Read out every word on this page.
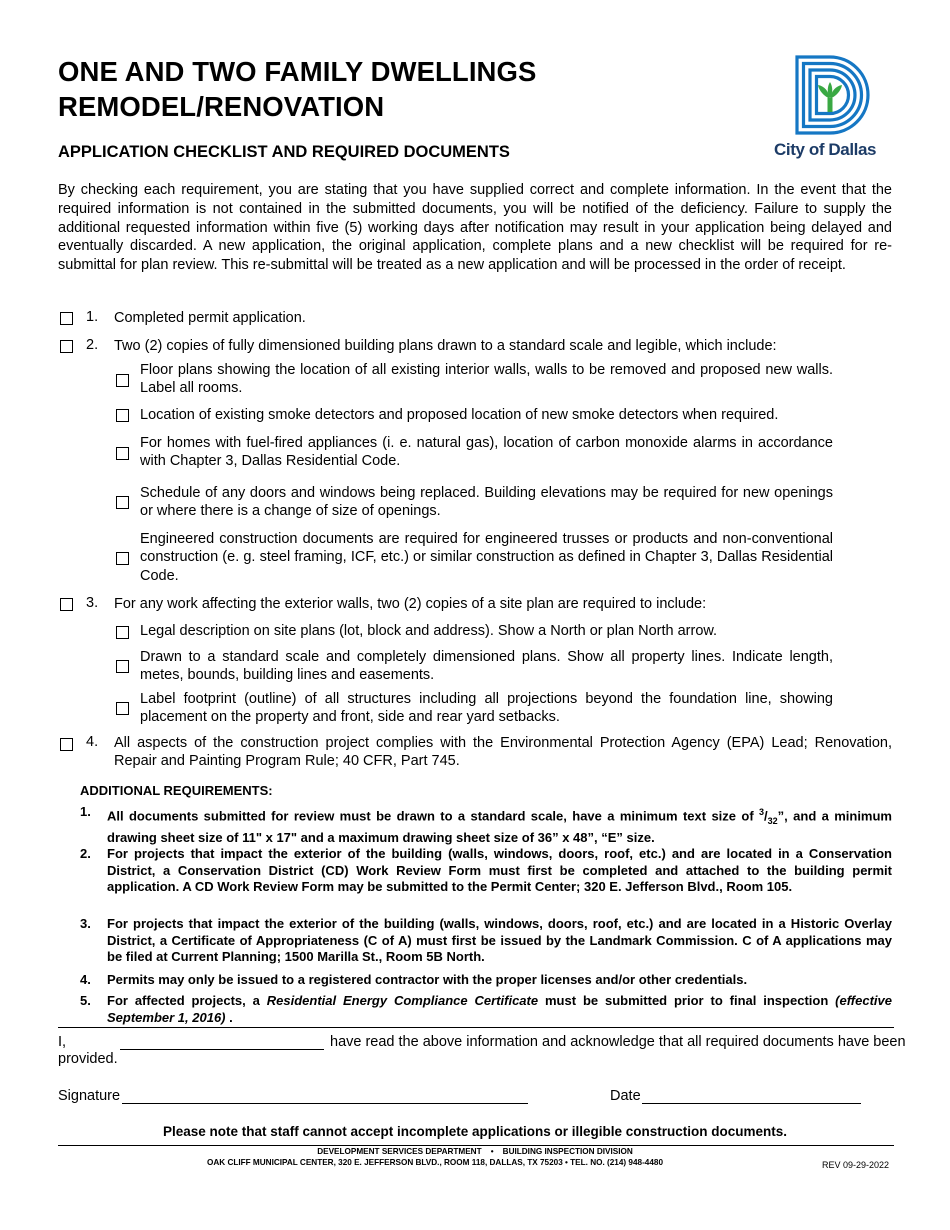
ONE AND TWO FAMILY DWELLINGS
REMODEL/RENOVATION
APPLICATION CHECKLIST AND REQUIRED DOCUMENTS	City of Dallas

By checking each requirement, you are stating that you have supplied correct and complete information. In the event that the required information is not contained in the submitted documents, you will be notified of the deficiency. Failure to supply the additional requested information within five (5) working days after notification may result in your application being delayed and eventually discarded. A new application, the original application, complete plans and a new checklist will be required for re-submittal for plan review. This re-submittal will be treated as a new application and will be processed in the order of receipt.

1. Completed permit application.
2. Two (2) copies of fully dimensioned building plans drawn to a standard scale and legible, which include:
Floor plans showing the location of all existing interior walls, walls to be removed and proposed new walls. Label all rooms.
Location of existing smoke detectors and proposed location of new smoke detectors when required.
For homes with fuel-fired appliances (i. e. natural gas), location of carbon monoxide alarms in accordance with Chapter 3, Dallas Residential Code.
Schedule of any doors and windows being replaced. Building elevations may be required for new openings or where there is a change of size of openings.
Engineered construction documents are required for engineered trusses or products and non-conventional construction (e. g. steel framing, ICF, etc.) or similar construction as defined in Chapter 3, Dallas Residential Code.
3. For any work affecting the exterior walls, two (2) copies of a site plan are required to include:
Legal description on site plans (lot, block and address). Show a North or plan North arrow.
Drawn to a standard scale and completely dimensioned plans. Show all property lines. Indicate length, metes, bounds, building lines and easements.
Label footprint (outline) of all structures including all projections beyond the foundation line, showing placement on the property and front, side and rear yard setbacks.
4. All aspects of the construction project complies with the Environmental Protection Agency (EPA) Lead; Renovation, Repair and Painting Program Rule; 40 CFR, Part 745.
ADDITIONAL REQUIREMENTS:
1. All documents submitted for review must be drawn to a standard scale, have a minimum text size of $^3/_{32}$”, and a minimum drawing sheet size of 11" x 17" and a maximum drawing sheet size of 36” x 48”, “E” size.
2. For projects that impact the exterior of the building (walls, windows, doors, roof, etc.) and are located in a Conservation District, a Conservation District (CD) Work Review Form must first be completed and attached to the building permit application. A CD Work Review Form may be submitted to the Permit Center; 320 E. Jefferson Blvd., Room 105.
3. For projects that impact the exterior of the building (walls, windows, doors, roof, etc.) and are located in a Historic Overlay District, a Certificate of Appropriateness (C of A) must first be issued by the Landmark Commission. C of A applications may be filed at Current Planning; 1500 Marilla St., Room 5B North.
4. Permits may only be issued to a registered contractor with the proper licenses and/or other credentials.
5. For affected projects, a Residential Energy Compliance Certificate must be submitted prior to final inspection (effective September 1, 2016) .
I,	have read the above information and acknowledge that all required documents have been
provided.
Signature	Date
Please note that staff cannot accept incomplete applications or illegible construction documents.
DEVELOPMENT SERVICES DEPARTMENT    •    BUILDING INSPECTION DIVISION
OAK CLIFF MUNICIPAL CENTER, 320 E. JEFFERSON BLVD., ROOM 118, DALLAS, TX 75203 • TEL. NO. (214) 948-4480	REV 09-29-2022
